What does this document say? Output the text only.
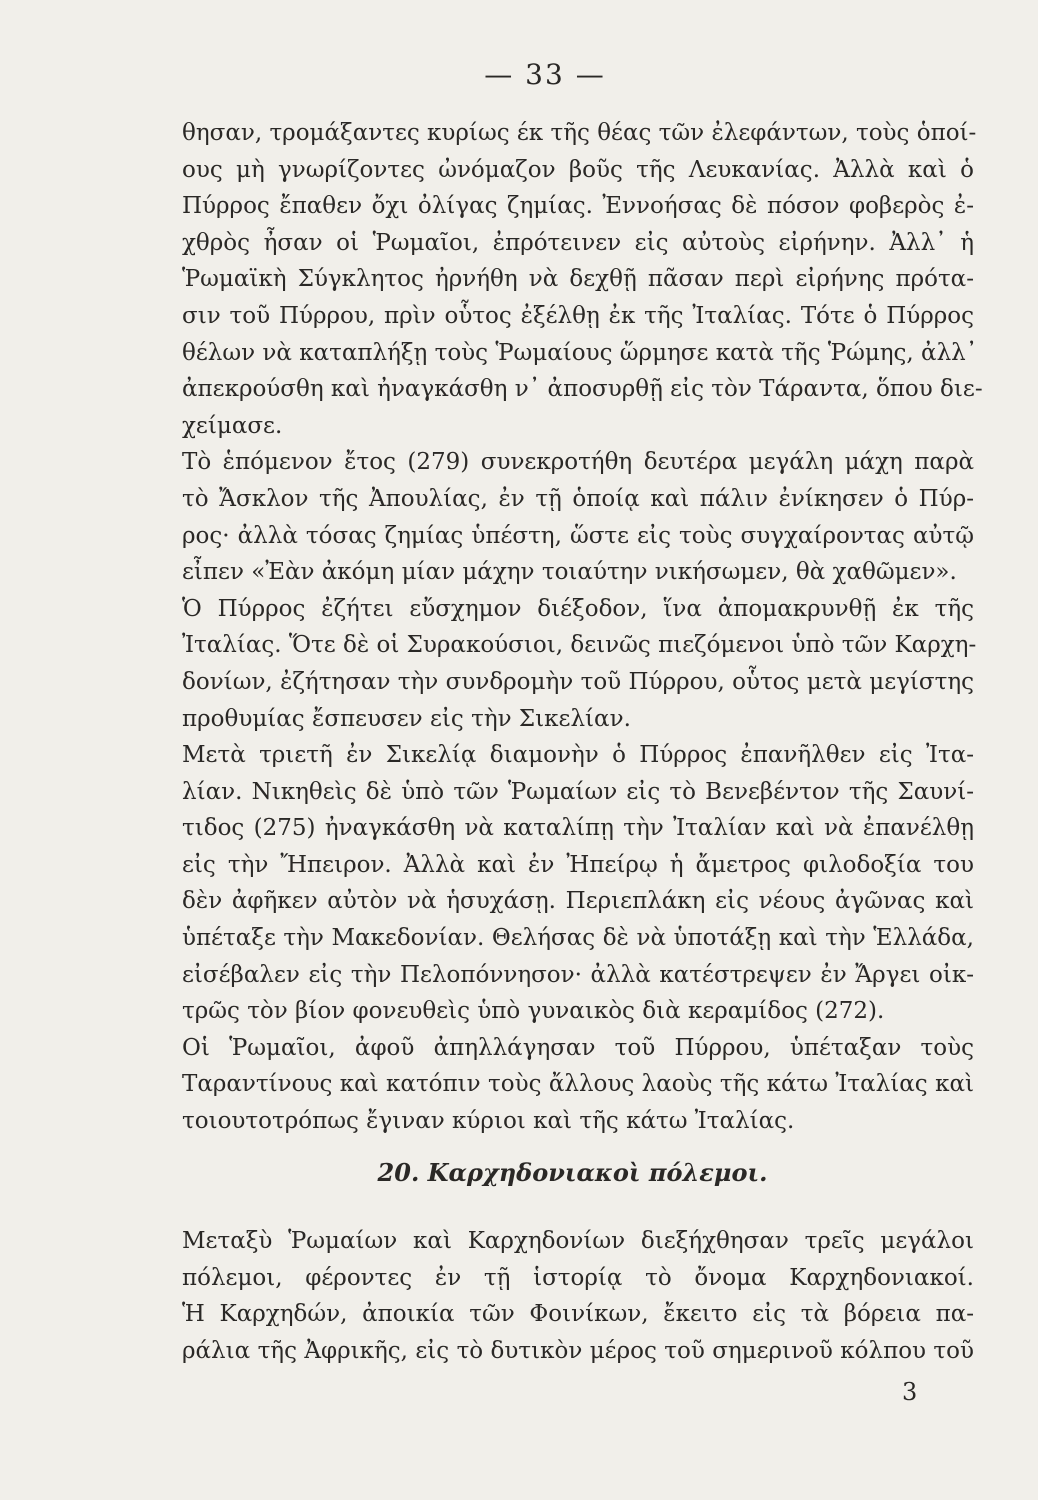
— 33 —
θησαν, τρομάξαντες κυρίως έκ τῆς θέας τῶν ἐλεφάντων, τοὺς ὁποί-
ους μὴ γνωρίζοντες ὠνόμαζον βοῦς τῆς Λευκανίας. Ἀλλὰ καὶ ὁ
Πύρρος ἔπαθεν ὄχι ὀλίγας ζημίας. Ἐννοήσας δὲ πόσον φοβερὸς ἐ-
χθρὸς ἦσαν οἱ Ῥωμαῖοι, ἐπρότεινεν εἰς αὐτοὺς εἰρήνην. Ἀλλ᾽ ἡ
Ῥωμαϊκὴ Σύγκλητος ἠρνήθη νὰ δεχθῇ πᾶσαν περὶ εἰρήνης πρότα-
σιν τοῦ Πύρρου, πρὶν οὗτος ἐξέλθῃ ἐκ τῆς Ἰταλίας. Τότε ὁ Πύρρος
θέλων νὰ καταπλήξῃ τοὺς Ῥωμαίους ὥρμησε κατὰ τῆς Ῥώμης, ἀλλ᾽
ἀπεκρούσθη καὶ ἠναγκάσθη ν᾽ ἀποσυρθῇ εἰς τὸν Τάραντα, ὅπου διε-
χείμασε.
Τὸ ἑπόμενον ἔτος (279) συνεκροτήθη δευτέρα μεγάλη μάχη παρὰ
τὸ Ἄσκλον τῆς Ἀπουλίας, ἐν τῇ ὁποίᾳ καὶ πάλιν ἐνίκησεν ὁ Πύρ-
ρος· ἀλλὰ τόσας ζημίας ὑπέστη, ὥστε εἰς τοὺς συγχαίροντας αὐτῷ
εἶπεν «Ἐὰν ἀκόμη μίαν μάχην τοιαύτην νικήσωμεν, θὰ χαθῶμεν».
Ὁ Πύρρος ἐζήτει εὔσχημον διέξοδον, ἵνα ἀπομακρυνθῇ ἐκ τῆς
Ἰταλίας. Ὅτε δὲ οἱ Συρακούσιοι, δεινῶς πιεζόμενοι ὑπὸ τῶν Καρχη-
δονίων, ἐζήτησαν τὴν συνδρομὴν τοῦ Πύρρου, οὗτος μετὰ μεγίστης
προθυμίας ἔσπευσεν εἰς τὴν Σικελίαν.
Μετὰ τριετῆ ἐν Σικελίᾳ διαμονὴν ὁ Πύρρος ἐπανῆλθεν εἰς Ἰτα-
λίαν. Νικηθεὶς δὲ ὑπὸ τῶν Ῥωμαίων εἰς τὸ Βενεβέντον τῆς Σαυνί-
τιδος (275) ἠναγκάσθη νὰ καταλίπῃ τὴν Ἰταλίαν καὶ νὰ ἐπανέλθῃ
εἰς τὴν Ἤπειρον. Ἀλλὰ καὶ ἐν Ἠπείρῳ ἡ ἄμετρος φιλοδοξία του
δὲν ἀφῆκεν αὐτὸν νὰ ἡσυχάσῃ. Περιεπλάκη εἰς νέους ἀγῶνας καὶ
ὑπέταξε τὴν Μακεδονίαν. Θελήσας δὲ νὰ ὑποτάξῃ καὶ τὴν Ἑλλάδα,
εἰσέβαλεν εἰς τὴν Πελοπόννησον· ἀλλὰ κατέστρεψεν ἐν Ἄργει οἰκ-
τρῶς τὸν βίον φονευθεὶς ὑπὸ γυναικὸς διὰ κεραμίδος (272).
Οἱ Ῥωμαῖοι, ἀφοῦ ἀπηλλάγησαν τοῦ Πύρρου, ὑπέταξαν τοὺς
Ταραντίνους καὶ κατόπιν τοὺς ἄλλους λαοὺς τῆς κάτω Ἰταλίας καὶ
τοιουτοτρόπως ἔγιναν κύριοι καὶ τῆς κάτω Ἰταλίας.
20. Καρχηδονιακοὶ πόλεμοι.
Μεταξὺ Ῥωμαίων καὶ Καρχηδονίων διεξήχθησαν τρεῖς μεγάλοι
πόλεμοι, φέροντες ἐν τῇ ἱστορίᾳ τὸ ὄνομα Καρχηδονιακοί.
Ἡ Καρχηδών, ἀποικία τῶν Φοινίκων, ἔκειτο εἰς τὰ βόρεια πα-
ράλια τῆς Ἀφρικῆς, εἰς τὸ δυτικὸν μέρος τοῦ σημερινοῦ κόλπου τοῦ
3
